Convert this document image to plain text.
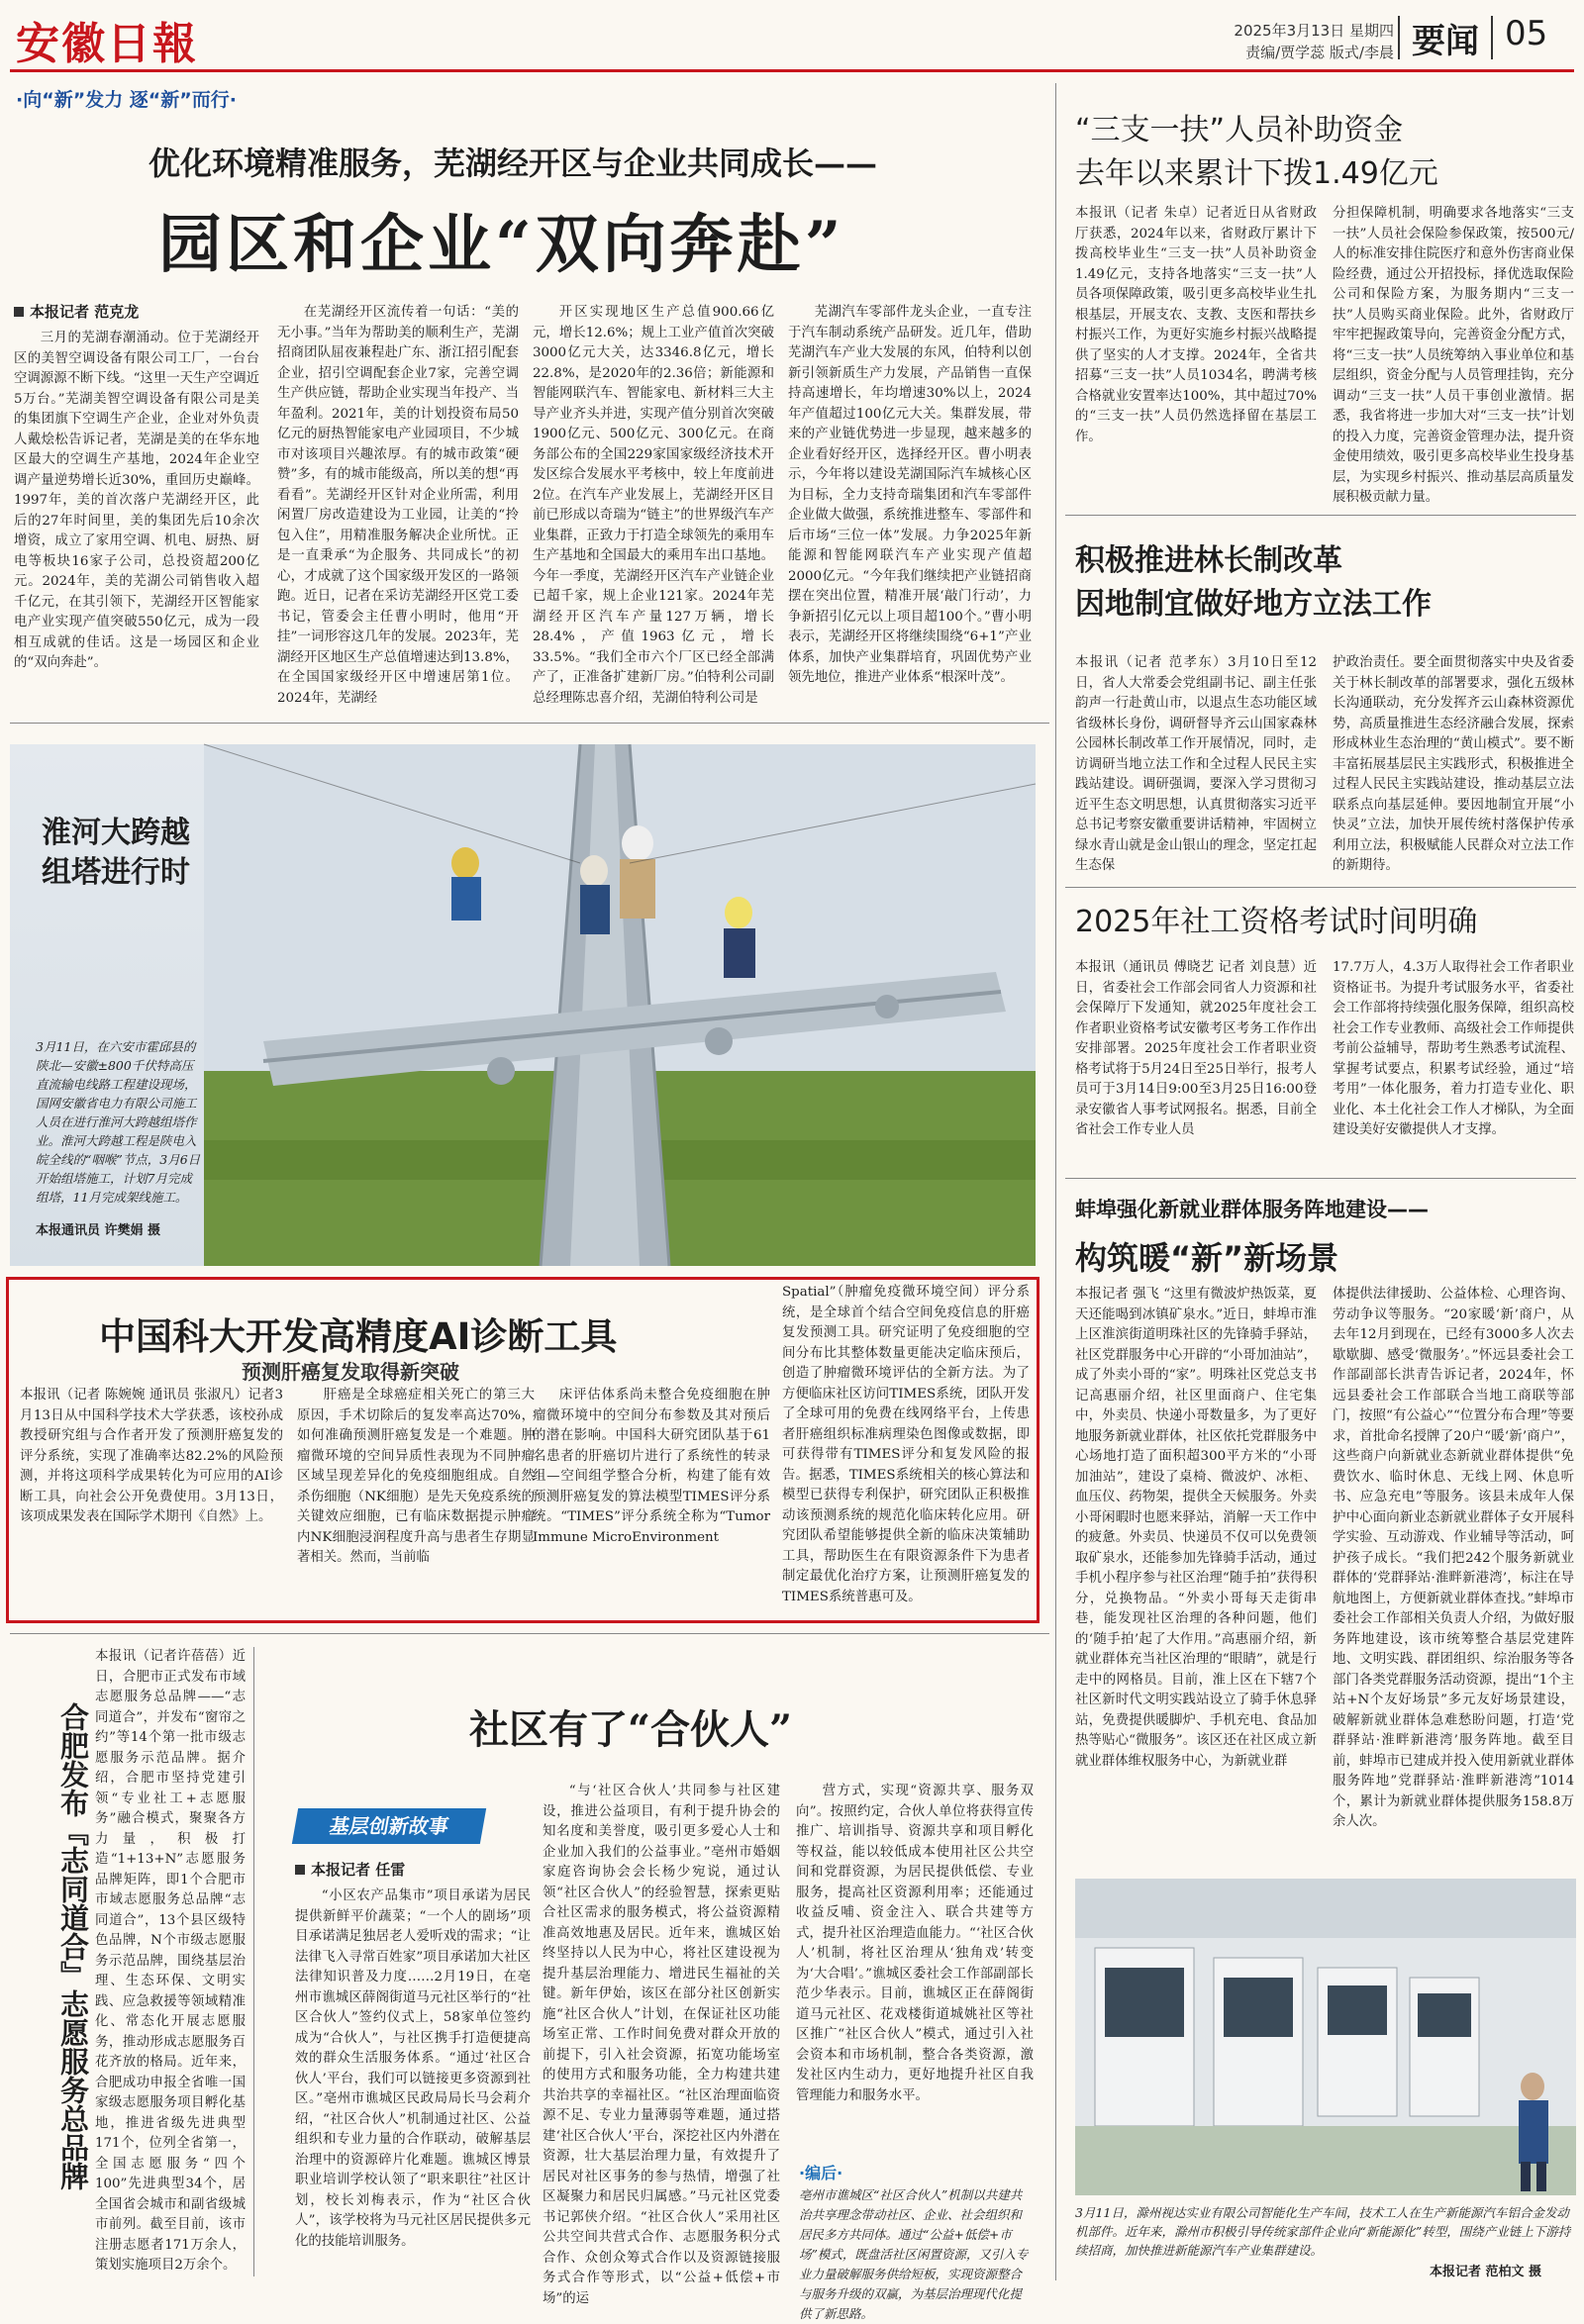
安徽日報	2025年3月13日 星期四
责编/贾学蕊 版式/李晨 要闻 05
·向“新”发力 逐“新”而行·
优化环境精准服务，芜湖经开区与企业共同成长——
园区和企业“双向奔赴”
本报记者 范克龙
三月的芜湖春潮涌动。位于芜湖经开区的美智空调设备有限公司工厂，一台台空调源源不断下线。“这里一天生产空调近5万台。”芜湖美智空调设备有限公司是美的集团旗下空调生产企业，企业对外负责人戴烩松告诉记者，芜湖是美的在华东地区最大的空调生产基地，2024年企业空调产量逆势增长近30%，重回历史巅峰。1997年，美的首次落户芜湖经开区，此后的27年时间里，美的集团先后10余次增资，成立了家用空调、机电、厨热、厨电等板块16家子公司，总投资超200亿元。2024年，美的芜湖公司销售收入超千亿元，在其引领下，芜湖经开区智能家电产业实现产值突破550亿元，成为一段相互成就的佳话。这是一场园区和企业的“双向奔赴”。
在芜湖经开区流传着一句话：“美的无小事。”当年为帮助美的顺利生产，芜湖招商团队屈夜兼程赴广东、浙江招引配套企业，招引空调配套企业7家，完善空调生产供应链，帮助企业实现当年投产、当年盈利。2021年，美的计划投资布局50亿元的厨热智能家电产业园项目，不少城市对该项目兴趣浓厚。有的城市政策“硬赞”多，有的城市能级高，所以美的想“再看看”。芜湖经开区针对企业所需，利用闲置厂房改造建设为工业园，让美的“拎包入住”，用精准服务解决企业所忧。正是一直秉承“为企服务、共同成长”的初心，才成就了这个国家级开发区的一路领跑。近日，记者在采访芜湖经开区党工委书记，管委会主任曹小明时，他用“开挂”一词形容这几年的发展。2023年，芜湖经开区地区生产总值增速达到13.8%，在全国国家级经开区中增速居第1位。2024年，芜湖经
开区实现地区生产总值900.66亿元，增长12.6%；规上工业产值首次突破3000亿元大关，达3346.8亿元，增长22.8%，是2020年的2.36倍；新能源和智能网联汽车、智能家电、新材料三大主导产业齐头并进，实现产值分别首次突破1900亿元、500亿元、300亿元。在商务部公布的全国229家国家级经济技术开发区综合发展水平考核中，较上年度前进2位。在汽车产业发展上，芜湖经开区目前已形成以奇瑞为“链主”的世界级汽车产业集群，正致力于打造全球领先的乘用车生产基地和全国最大的乘用车出口基地。今年一季度，芜湖经开区汽车产业链企业已超千家，规上企业121家。2024年芜湖经开区汽车产量127万辆，增长28.4%，产值1963亿元，增长33.5%。“我们全市六个厂区已经全部满产了，正准备扩建新厂房。”伯特利公司副总经理陈忠喜介绍，芜湖伯特利公司是
芜湖汽车零部件龙头企业，一直专注于汽车制动系统产品研发。近几年，借助芜湖汽车产业大发展的东风，伯特利以创新引领新质生产力发展，产品销售一直保持高速增长，年均增速30%以上，2024年产值超过100亿元大关。集群发展，带来的产业链优势进一步显现，越来越多的企业看好经开区，选择经开区。曹小明表示，今年将以建设芜湖国际汽车城核心区为目标，全力支持奇瑞集团和汽车零部件企业做大做强，系统推进整车、零部件和后市场“三位一体”发展。力争2025年新能源和智能网联汽车产业实现产值超2000亿元。“今年我们继续把产业链招商摆在突出位置，精准开展‘敲门行动’，力争新招引亿元以上项目超100个。”曹小明表示，芜湖经开区将继续围绕“6+1”产业体系，加快产业集群培育，巩固优势产业领先地位，推进产业体系“根深叶茂”。
淮河大跨越
组塔进行时
3月11日，在六安市霍邱县的陕北—安徽±800千伏特高压直流输电线路工程建设现场，国网安徽省电力有限公司施工人员在进行淮河大跨越组塔作业。淮河大跨越工程是陕电入皖全线的“咽喉”节点，3月6日开始组塔施工，计划7月完成组塔，11月完成架线施工。
本报通讯员 许樊娟 摄
中国科大开发高精度AI诊断工具
预测肝癌复发取得新突破
本报讯（记者 陈婉婉 通讯员 张淑凡）记者3月13日从中国科学技术大学获悉，该校孙成教授研究组与合作者开发了预测肝癌复发的评分系统，实现了准确率达82.2%的风险预测，并将这项科学成果转化为可应用的AI诊断工具，向社会公开免费使用。3月13日，该项成果发表在国际学术期刊《自然》上。
肝癌是全球癌症相关死亡的第三大原因，手术切除后的复发率高达70%，如何准确预测肝癌复发是一个难题。肿瘤微环境的空间异质性表现为不同肿瘤区域呈现差异化的免疫细胞组成。自然杀伤细胞（NK细胞）是先天免疫系统的关键效应细胞，已有临床数据提示肿瘤内NK细胞浸润程度升高与患者生存期显著相关。然而，当前临
床评估体系尚未整合免疫细胞在肿瘤微环境中的空间分布参数及其对预后的潜在影响。中国科大研究团队基于61名患者的肝癌切片进行了系统性的转录组—空间组学整合分析，构建了能有效预测肝癌复发的算法模型TIMES评分系统。“TIMES”评分系统全称为“Tumor Immune MicroEnvironment
Spatial”（肿瘤免疫微环境空间）评分系统，是全球首个结合空间免疫信息的肝癌复发预测工具。研究证明了免疫细胞的空间分布比其整体数量更能决定临床预后，创造了肿瘤微环境评估的全新方法。为了方便临床社区访问TIMES系统，团队开发了全球可用的免费在线网络平台，上传患者肝癌组织标准病理染色图像或数据，即可获得带有TIMES评分和复发风险的报告。据悉，TIMES系统相关的核心算法和模型已获得专利保护，研究团队正积极推动该预测系统的规范化临床转化应用。研究团队希望能够提供全新的临床决策辅助工具，帮助医生在有限资源条件下为患者制定最优化治疗方案，让预测肝癌复发的TIMES系统普惠可及。
“三支一扶”人员补助资金
去年以来累计下拨1.49亿元
本报讯（记者 朱卓）记者近日从省财政厅获悉，2024年以来，省财政厅累计下拨高校毕业生“三支一扶”人员补助资金1.49亿元，支持各地落实“三支一扶”人员各项保障政策，吸引更多高校毕业生扎根基层，开展支农、支教、支医和帮扶乡村振兴工作，为更好实施乡村振兴战略提供了坚实的人才支撑。2024年，全省共招募“三支一扶”人员1034名，聘满考核合格就业安置率达100%，其中超过70%的“三支一扶”人员仍然选择留在基层工作。
分担保障机制，明确要求各地落实“三支一扶”人员社会保险参保政策，按500元/人的标准安排住院医疗和意外伤害商业保险经费，通过公开招投标，择优选取保险公司和保险方案，为服务期内“三支一扶”人员购买商业保险。此外，省财政厅牢牢把握政策导向，完善资金分配方式，将“三支一扶”人员统筹纳入事业单位和基层组织，资金分配与人员管理挂钩，充分调动“三支一扶”人员干事创业激情。据悉，我省将进一步加大对“三支一扶”计划的投入力度，完善资金管理办法，提升资金使用绩效，吸引更多高校毕业生投身基层，为实现乡村振兴、推动基层高质量发展积极贡献力量。
积极推进林长制改革
因地制宜做好地方立法工作
本报讯（记者 范孝东）3月10日至12日，省人大常委会党组副书记、副主任张韵声一行赴黄山市，以退点生态功能区域省级林长身份，调研督导齐云山国家森林公园林长制改革工作开展情况，同时，走访调研当地立法工作和全过程人民民主实践站建设。调研强调，要深入学习贯彻习近平生态文明思想，认真贯彻落实习近平总书记考察安徽重要讲话精神，牢固树立绿水青山就是金山银山的理念，坚定扛起生态保
护政治责任。要全面贯彻落实中央及省委关于林长制改革的部署要求，强化五级林长沟通联动，充分发挥齐云山森林资源优势，高质量推进生态经济融合发展，探索形成林业生态治理的“黄山模式”。要不断丰富拓展基层民主实践形式，积极推进全过程人民民主实践站建设，推动基层立法联系点向基层延伸。要因地制宜开展“小快灵”立法，加快开展传统村落保护传承利用立法，积极赋能人民群众对立法工作的新期待。
2025年社工资格考试时间明确
本报讯（通讯员 傅晓艺 记者 刘良慧）近日，省委社会工作部会同省人力资源和社会保障厅下发通知，就2025年度社会工作者职业资格考试安徽考区考务工作作出安排部署。2025年度社会工作者职业资格考试将于5月24日至25日举行，报考人员可于3月14日9:00至3月25日16:00登录安徽省人事考试网报名。据悉，目前全省社会工作专业人员
17.7万人，4.3万人取得社会工作者职业资格证书。为提升考试服务水平，省委社会工作部将持续强化服务保障，组织高校社会工作专业教师、高级社会工作师提供考前公益辅导，帮助考生熟悉考试流程、掌握考试要点，积累考试经验，通过“培考用”一体化服务，着力打造专业化、职业化、本土化社会工作人才梯队，为全面建设美好安徽提供人才支撑。
蚌埠强化新就业群体服务阵地建设——
构筑暖“新”新场景
本报记者 强飞 “这里有微波炉热饭菜，夏天还能喝到冰镇矿泉水。”近日，蚌埠市淮上区淮滨街道明珠社区的先锋骑手驿站，社区党群服务中心开辟的“小哥加油站”，成了外卖小哥的“家”。明珠社区党总支书记高惠丽介绍，社区里面商户、住宅集中，外卖员、快递小哥数量多，为了更好地服务新就业群体，社区依托党群服务中心场地打造了面积超300平方米的“小哥加油站”，建设了桌椅、微波炉、冰柜、血压仪、药物架，提供全天候服务。外卖小哥闲暇时也愿来驿站，消解一天工作中的疲惫。外卖员、快递员不仅可以免费领取矿泉水，还能参加先锋骑手活动，通过手机小程序参与社区治理“随手拍”获得积分，兑换物品。“外卖小哥每天走街串巷，能发现社区治理的各种问题，他们的‘随手拍’起了大作用。”高惠丽介绍，新就业群体充当社区治理的“眼睛”，就是行走中的网格员。目前，淮上区在下辖7个社区新时代文明实践站设立了骑手休息驿站，免费提供暖脚炉、手机充电、食品加热等贴心“微服务”。该区还在社区成立新就业群体维权服务中心，为新就业群
体提供法律援助、公益体检、心理咨询、劳动争议等服务。“20家暖‘新’商户，从去年12月到现在，已经有3000多人次去歇歇脚、感受‘微服务’。”怀远县委社会工作部副部长洪青告诉记者，2024年，怀远县委社会工作部联合当地工商联等部门，按照“有公益心”“位置分布合理”等要求，首批命名授牌了20户“暖‘新’商户”，这些商户向新就业态新就业群体提供“免费饮水、临时休息、无线上网、休息听书、应急充电”等服务。该县未成年人保护中心面向新业态新就业群体子女开展科学实验、互动游戏、作业辅导等活动，呵护孩子成长。“我们把242个服务新就业群体的‘党群驿站·淮畔新港湾’，标注在导航地图上，方便新就业群体查找。”蚌埠市委社会工作部相关负责人介绍，为做好服务阵地建设，该市统筹整合基层党建阵地、文明实践、群团组织、综治服务等各部门各类党群服务活动资源，提出“1个主站+N个友好场景”多元友好场景建设，破解新就业群体急难愁盼问题，打造‘党群驿站·淮畔新港湾’服务阵地。截至目前，蚌埠市已建成并投入使用新就业群体服务阵地”党群驿站·淮畔新港湾”1014个，累计为新就业群体提供服务158.8万余人次。
3月11日，滁州视达实业有限公司智能化生产车间，技术工人在生产新能源汽车铝合金发动机部件。近年来，滁州市积极引导传统家部件企业向“新能源化”转型，围绕产业链上下游持续招商，加快推进新能源汽车产业集群建设。
本报记者 范柏文 摄
合肥发布『志同道合』志愿服务总品牌
本报讯（记者许蓓蓓）近日，合肥市正式发布市域志愿服务总品牌——“志同道合”，并发布“窗帘之约”等14个第一批市级志愿服务示范品牌。据介绍，合肥市坚持党建引领“专业社工+志愿服务”融合模式，聚聚各方力量，积极打造“1+13+N”志愿服务品牌矩阵，即1个合肥市市域志愿服务总品牌“志同道合”，13个县区级特色品牌，N个市级志愿服务示范品牌，围绕基层治理、生态环保、文明实践、应急救援等领域精准化、常态化开展志愿服务，推动形成志愿服务百花齐放的格局。近年来，合肥成功申报全省唯一国家级志愿服务项目孵化基地，推进省级先进典型171个，位列全省第一，全国志愿服务“四个100”先进典型34个，居全国省会城市和副省级城市前列。截至目前，该市注册志愿者171万余人，策划实施项目2万余个。
社区有了“合伙人”
基层创新故事
本报记者 任雷
“小区农产品集市”项目承诺为居民提供新鲜平价蔬菜；“一个人的剧场”项目承诺满足独居老人爱听戏的需求；“让法律飞入寻常百姓家”项目承诺加大社区法律知识普及力度……2月19日，在亳州市谯城区薛阁街道马元社区举行的“社区合伙人”签约仪式上，58家单位签约成为“合伙人”，与社区携手打造便捷高效的群众生活服务体系。“通过‘社区合伙人’平台，我们可以链接更多资源到社区。”亳州市谯城区民政局局长马会莉介绍，“社区合伙人”机制通过社区、公益组织和专业力量的合作联动，破解基层治理中的资源碎片化难题。谯城区博景职业培训学校认领了“职来职往”社区计划，校长刘梅表示，作为“社区合伙人”，该学校将为马元社区居民提供多元化的技能培训服务。
“与‘社区合伙人’共同参与社区建设，推进公益项目，有利于提升协会的知名度和美誉度，吸引更多爱心人士和企业加入我们的公益事业。”亳州市婚姻家庭咨询协会会长杨少宛说，通过认领“社区合伙人”的经验智慧，探索更贴合社区需求的服务模式，将公益资源精准高效地惠及居民。近年来，谯城区始终坚持以人民为中心，将社区建设视为提升基层治理能力、增进民生福祉的关键。新年伊始，该区在部分社区创新实施“社区合伙人”计划，在保证社区功能场室正常、工作时间免费对群众开放的前提下，引入社会资源，拓宽功能场室的使用方式和服务功能，全力构建共建共治共享的幸福社区。“社区治理面临资源不足、专业力量薄弱等难题，通过搭建‘社区合伙人’平台，深挖社区内外潜在资源，壮大基层治理力量，有效提升了居民对社区事务的参与热情，增强了社区凝聚力和居民归属感。”马元社区党委书记郭侠介绍。“社区合伙人”采用社区公共空间共营式合作、志愿服务积分式合作、众创众筹式合作以及资源链接服务式合作等形式，以“公益+低偿+市场”的运
营方式，实现“资源共享、服务双向”。按照约定，合伙人单位将获得宣传推广、培训指导、资源共享和项目孵化等权益，能以较低成本使用社区公共空间和党群资源，为居民提供低偿、专业服务，提高社区资源利用率；还能通过收益反哺、资金注入、联合共建等方式，提升社区治理造血能力。“‘社区合伙人’机制，将社区治理从‘独角戏’转变为‘大合唱’。”谯城区委社会工作部副部长范少华表示。目前，谯城区正在薛阁街道马元社区、花戏楼街道城姚社区等社区推广“社区合伙人”模式，通过引入社会资本和市场机制，整合各类资源，激发社区内生动力，更好地提升社区自我管理能力和服务水平。
·编后·
亳州市谯城区“社区合伙人”机制以共建共治共享理念带动社区、企业、社会组织和居民多方共同体。通过“公益+低偿+市场”模式，既盘活社区闲置资源，又引入专业力量破解服务供给短板，实现资源整合与服务升级的双赢，为基层治理现代化提供了新思路。
